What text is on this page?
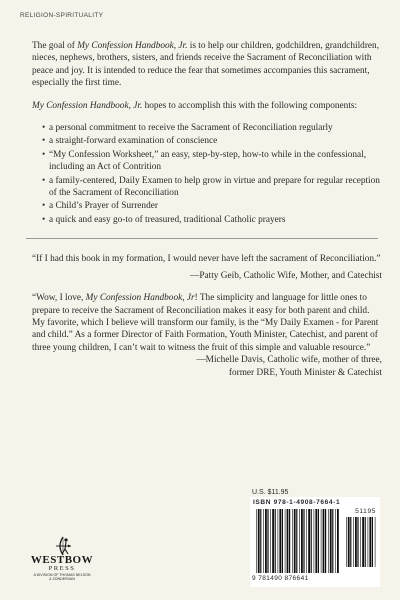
RELIGION-SPIRITUALITY

The goal of My Confession Handbook, Jr. is to help our children, godchildren, grandchildren, nieces, nephews, brothers, sisters, and friends receive the Sacrament of Reconciliation with peace and joy. It is intended to reduce the fear that sometimes accompanies this sacrament, especially the first time.

My Confession Handbook, Jr. hopes to accomplish this with the following components:

• a personal commitment to receive the Sacrament of Reconciliation regularly
• a straight-forward examination of conscience
• “My Confession Worksheet,” an easy, step-by-step, how-to while in the confessional, including an Act of Contrition
• a family-centered, Daily Examen to help grow in virtue and prepare for regular reception of the Sacrament of Reconciliation
• a Child’s Prayer of Surrender
• a quick and easy go-to of treasured, traditional Catholic prayers

“If I had this book in my formation, I would never have left the sacrament of Reconciliation.”

—Patty Geib, Catholic Wife, Mother, and Catechist

“Wow, I love, My Confession Handbook, Jr! The simplicity and language for little ones to prepare to receive the Sacrament of Reconciliation makes it easy for both parent and child. My favorite, which I believe will transform our family, is the “My Daily Examen - for Parent and child.” As a former Director of Faith Formation, Youth Minister, Catechist, and parent of three young children, I can’t wait to witness the fruit of this simple and valuable resource.”

—Michelle Davis, Catholic wife, mother of three,
former DRE, Youth Minister & Catechist
U.S. $11.95
ISBN 978-1-4908-7664-1
51195
9 781490 876641
WESTBOW
PRESS
A DIVISION OF THOMAS NELSON
& ZONDERVAN
